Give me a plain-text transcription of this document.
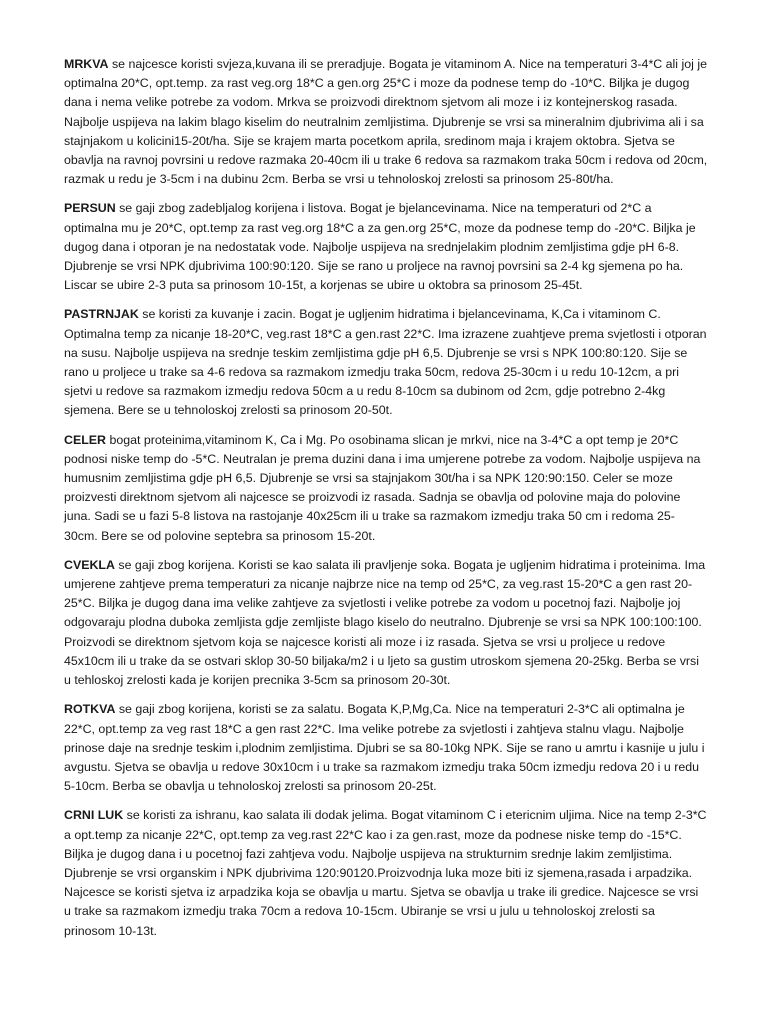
MRKVA se najcesce koristi svjeza,kuvana ili se preradjuje. Bogata je vitaminom A. Nice na temperaturi 3-4*C ali joj je optimalna 20*C, opt.temp. za rast veg.org 18*C a gen.org 25*C i moze da podnese temp do -10*C. Biljka je dugog dana i nema velike potrebe za vodom. Mrkva se proizvodi direktnom sjetvom ali moze i iz kontejnerskog rasada. Najbolje uspijeva na lakim blago kiselim do neutralnim zemljistima. Djubrenje se vrsi sa mineralnim djubrivima ali i sa stajnjakom u kolicini15-20t/ha. Sije se krajem marta pocetkom aprila, sredinom maja i krajem oktobra. Sjetva se obavlja na ravnoj povrsini u redove razmaka 20-40cm ili u trake 6 redova sa razmakom traka 50cm i redova od 20cm, razmak u redu je 3-5cm i na dubinu 2cm. Berba se vrsi u tehnoloskoj zrelosti sa prinosom 25-80t/ha.

PERSUN se gaji zbog zadebljalog korijena i listova. Bogat je bjelancevinama. Nice na temperaturi od 2*C a optimalna mu je 20*C, opt.temp za rast veg.org 18*C a za gen.org 25*C, moze da podnese temp do -20*C. Biljka je dugog dana i otporan je na nedostatak vode. Najbolje uspijeva na srednjelakim plodnim zemljistima gdje pH 6-8. Djubrenje se vrsi NPK djubrivima 100:90:120. Sije se rano u proljece na ravnoj povrsini sa 2-4 kg sjemena po ha. Liscar se ubire 2-3 puta sa prinosom 10-15t, a korjenas se ubire u oktobra sa prinosom 25-45t.

PASTRNJAK se koristi za kuvanje i zacin. Bogat je ugljenim hidratima i bjelancevinama, K,Ca i vitaminom C. Optimalna temp za nicanje 18-20*C, veg.rast 18*C a gen.rast 22*C. Ima izrazene zuahtjeve prema svjetlosti i otporan na susu. Najbolje uspijeva na srednje teskim zemljistima gdje pH 6,5. Djubrenje se vrsi s NPK 100:80:120. Sije se rano u proljece u trake sa 4-6 redova sa razmakom izmedju traka 50cm, redova 25-30cm i u redu 10-12cm, a pri sjetvi u redove sa razmakom izmedju redova 50cm a u redu 8-10cm sa dubinom od 2cm, gdje potrebno 2-4kg sjemena. Bere se u tehnoloskoj zrelosti sa prinosom 20-50t.

CELER bogat proteinima,vitaminom K, Ca i Mg. Po osobinama slican je mrkvi, nice na 3-4*C a opt temp je 20*C podnosi niske temp do -5*C. Neutralan je prema duzini dana i ima umjerene potrebe za vodom. Najbolje uspijeva na humusnim zemljistima gdje pH 6,5. Djubrenje se vrsi sa stajnjakom 30t/ha i sa NPK 120:90:150. Celer se moze proizvesti direktnom sjetvom ali najcesce se proizvodi iz rasada. Sadnja se obavlja od polovine maja do polovine juna. Sadi se u fazi 5-8 listova na rastojanje 40x25cm ili u trake sa razmakom izmedju traka 50 cm i redoma 25-30cm. Bere se od polovine septebra sa prinosom 15-20t.

CVEKLA se gaji zbog korijena. Koristi se kao salata ili pravljenje soka. Bogata je ugljenim hidratima i proteinima. Ima umjerene zahtjeve prema temperaturi za nicanje najbrze nice na temp od 25*C, za veg.rast 15-20*C a gen rast 20-25*C. Biljka je dugog dana ima velike zahtjeve za svjetlosti i velike potrebe za vodom u pocetnoj fazi. Najbolje joj odgovaraju plodna duboka zemljista gdje zemljiste blago kiselo do neutralno. Djubrenje se vrsi sa NPK 100:100:100. Proizvodi se direktnom sjetvom koja se najcesce koristi ali moze i iz rasada. Sjetva se vrsi u proljece u redove 45x10cm ili u trake da se ostvari sklop 30-50 biljaka/m2 i u ljeto sa gustim utroskom sjemena 20-25kg. Berba se vrsi u tehloskoj zrelosti kada je korijen precnika 3-5cm sa prinosom 20-30t.

ROTKVA se gaji zbog korijena, koristi se za salatu. Bogata K,P,Mg,Ca. Nice na temperaturi 2-3*C ali optimalna je 22*C, opt.temp za veg rast 18*C a gen rast 22*C. Ima velike potrebe za svjetlosti i zahtjeva stalnu vlagu. Najbolje prinose daje na srednje teskim i,plodnim zemljistima. Djubri se sa 80-10kg NPK. Sije se rano u amrtu i kasnije u julu i avgustu. Sjetva se obavlja u redove 30x10cm i u trake sa razmakom izmedju traka 50cm izmedju redova 20 i u redu 5-10cm. Berba se obavlja u tehnoloskoj zrelosti sa prinosom 20-25t.

CRNI LUK se koristi za ishranu, kao salata ili dodak jelima. Bogat vitaminom C i etericnim uljima. Nice na temp 2-3*C a opt.temp za nicanje 22*C, opt.temp za veg.rast 22*C kao i za gen.rast, moze da podnese niske temp do -15*C. Biljka je dugog dana i u pocetnoj fazi zahtjeva vodu. Najbolje uspijeva na strukturnim srednje lakim zemljistima. Djubrenje se vrsi organskim i NPK djubrivima 120:90120.Proizvodnja luka moze biti iz sjemena,rasada i arpadzika. Najcesce se koristi sjetva iz arpadzika koja se obavlja u martu. Sjetva se obavlja u trake ili gredice. Najcesce se vrsi u trake sa razmakom izmedju traka 70cm a redova 10-15cm. Ubiranje se vrsi u julu u tehnoloskoj zrelosti sa prinosom 10-13t.
